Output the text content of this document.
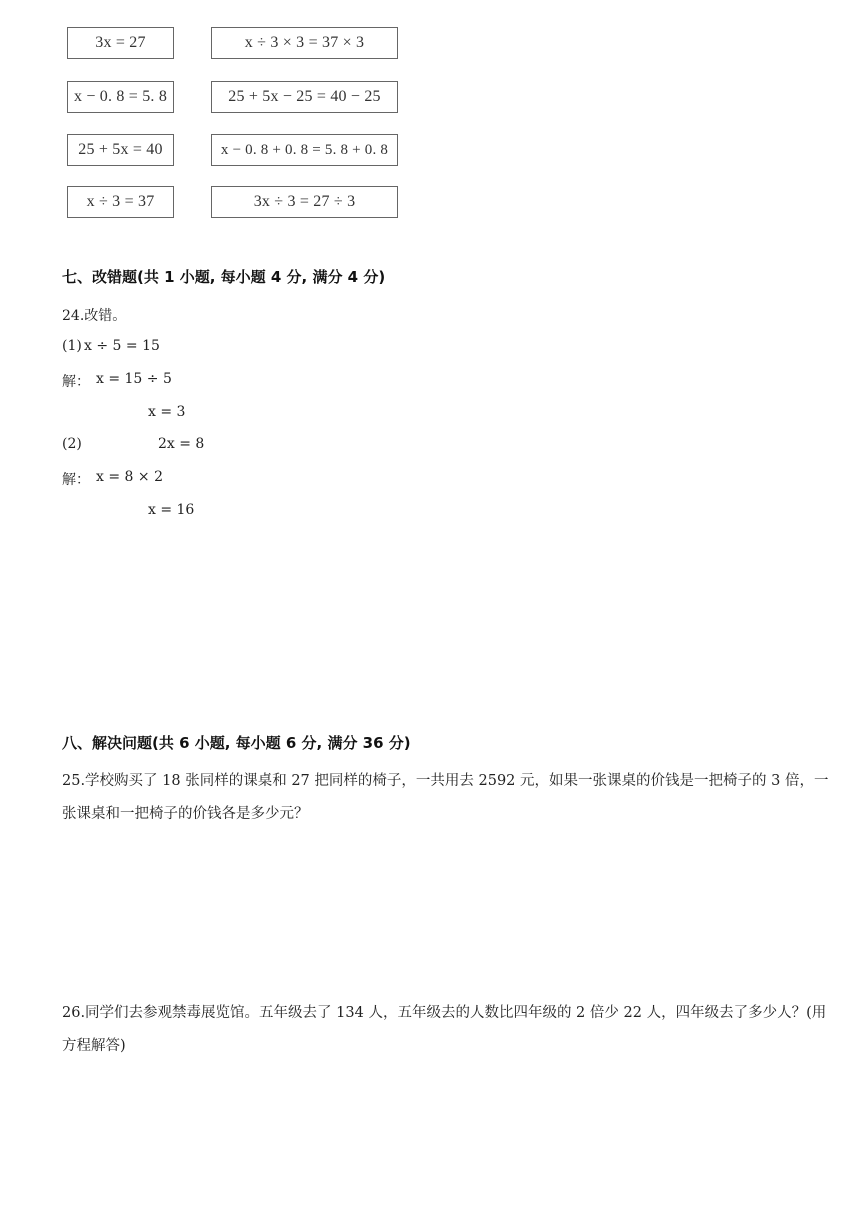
3x = 27	x ÷ 3 × 3 = 37 × 3
x − 0. 8 = 5. 8	25 + 5x − 25 = 40 − 25
25 + 5x = 40	x − 0. 8 + 0. 8 = 5. 8 + 0. 8
x ÷ 3 = 37	3x ÷ 3 = 27 ÷ 3
七、改错题(共 1 小题, 每小题 4 分, 满分 4 分)
24.改错。
(1) x ÷ 5 = 15
解： x = 15 ÷ 5
x = 3
(2)	2x = 8
解： x = 8 × 2
x = 16
八、解决问题(共 6 小题, 每小题 6 分, 满分 36 分)
25.学校购买了 18 张同样的课桌和 27 把同样的椅子，一共用去 2592 元，如果一张课桌的价钱是一把椅子的 3 倍，一张课桌和一把椅子的价钱各是多少元？
26.同学们去参观禁毒展览馆。五年级去了 134 人，五年级去的人数比四年级的 2 倍少 22 人，四年级去了多少人？(用方程解答)
